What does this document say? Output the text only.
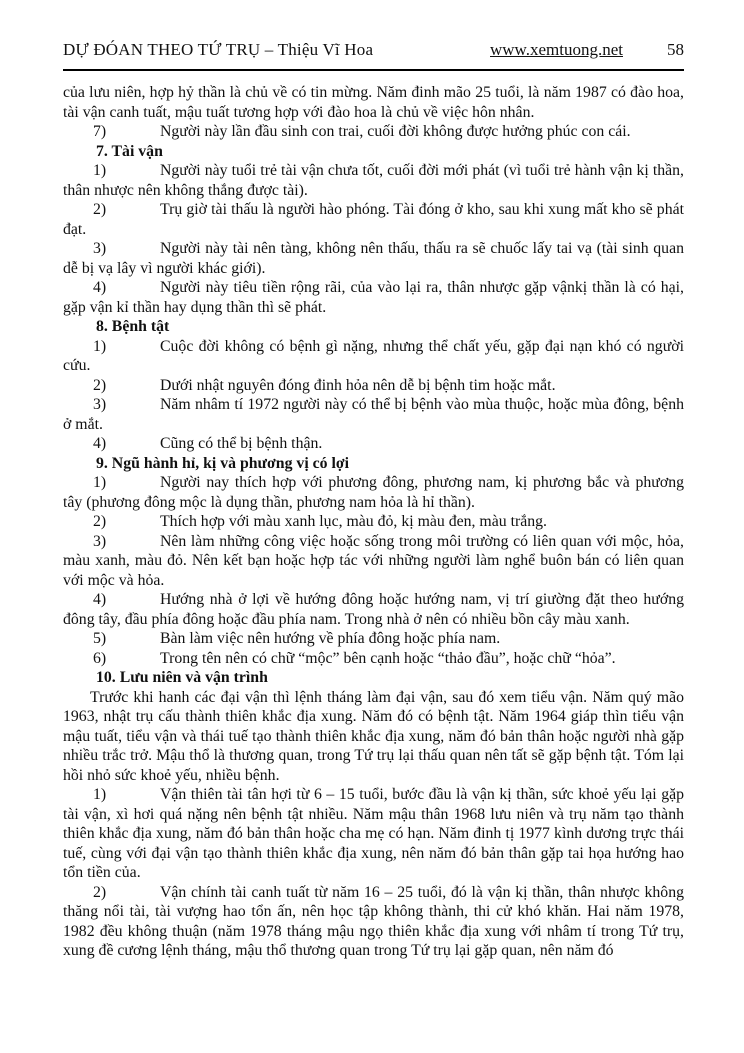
DỰ ĐÓAN THEO TỨ TRỤ – Thiệu Vĩ Hoa	www.xemtuong.net	58

của lưu niên, hợp hỷ thần là chủ về có tin mừng. Năm đinh mão 25 tuổi, là năm 1987 có đào hoa, tài vận canh tuất, mậu tuất tương hợp với đào hoa là chủ về việc hôn nhân.

7)	Người này lần đầu sinh con trai, cuối đời không được hưởng phúc con cái.

7. Tài vận

1)	Người này tuổi trẻ tài vận chưa tốt, cuối đời mới phát (vì tuổi trẻ hành vận kị thần, thân nhược nên không thắng được tài).

2)	Trụ giờ tài thấu là người hào phóng. Tài đóng ở kho, sau khi xung mất kho sẽ phát đạt.

3)	Người này tài nên tàng, không nên thấu, thấu ra sẽ chuốc lấy tai vạ (tài sinh quan dễ bị vạ lây vì người khác giới).

4)	Người này tiêu tiền rộng rãi, của vào lại ra, thân nhược gặp vậnkị thần là có hại, gặp vận kỉ thần hay dụng thần thì sẽ phát.

8. Bệnh tật

1)	Cuộc đời không có bệnh gì nặng, nhưng thể chất yếu, gặp đại nạn khó có người cứu.

2)	Dưới nhật nguyên đóng đinh hỏa nên dễ bị bệnh tim hoặc mắt.

3)	Năm nhâm tí 1972 người này có thể bị bệnh vào mùa thuộc, hoặc mùa đông, bệnh ở mắt.

4)	Cũng có thể bị bệnh thận.

9. Ngũ hành hỉ, kị và phương vị có lợi

1)	Người nay thích hợp với phương đông, phương nam, kị phương bắc và phương tây (phương đông mộc là dụng thần, phương nam hỏa là hỉ thần).

2)	Thích hợp với màu xanh lục, màu đỏ, kị màu đen, màu trắng.

3)	Nên làm những công việc hoặc sống trong môi trường có liên quan với mộc, hỏa, màu xanh, màu đỏ. Nên kết bạn hoặc hợp tác với những người làm nghể buôn bán có liên quan với mộc và hỏa.

4)	Hướng nhà ở lợi về hướng đông hoặc hướng nam, vị trí giường đặt theo hướng đông tây, đầu phía đông hoặc đầu phía nam. Trong nhà ở nên có nhiều bồn cây màu xanh.

5)	Bàn làm việc nên hướng về phía đông hoặc phía nam.

6)	Trong tên nên có chữ “mộc” bên cạnh hoặc “thảo đầu”, hoặc chữ “hỏa”.

10. Lưu niên và vận trình

Trước khi hanh các đại vận thì lệnh tháng làm đại vận, sau đó xem tiểu vận. Năm quý mão 1963, nhật trụ cấu thành thiên khắc địa xung. Năm đó có bệnh tật. Năm 1964 giáp thìn tiểu vận mậu tuất, tiểu vận và thái tuế tạo thành thiên khắc địa xung, năm đó bản thân hoặc người nhà gặp nhiều trắc trở. Mậu thổ là thương quan, trong Tứ trụ lại thấu quan nên tất sẽ gặp bệnh tật. Tóm lại hồi nhỏ sức khoẻ yếu, nhiều bệnh.

1)	Vận thiên tài tân hợi từ 6 – 15 tuổi, bước đầu là vận kị thần, sức khoẻ yếu lại gặp tài vận, xì hơi quá nặng nên bệnh tật nhiều. Năm mậu thân 1968 lưu niên và trụ năm tạo thành thiên khắc địa xung, năm đó bản thân hoặc cha mẹ có hạn. Năm đinh tị 1977 kình dương trực thái tuế, cùng với đại vận tạo thành thiên khắc địa xung, nên năm đó bản thân gặp tai họa hướng hao tổn tiền của.

2)	Vận chính tài canh tuất từ năm 16 – 25 tuổi, đó là vận kị thần, thân nhược không thăng nổi tài, tài vượng hao tổn ấn, nên học tập không thành, thi cử khó khăn. Hai năm 1978, 1982 đều không thuận (năm 1978 tháng mậu ngọ thiên khắc địa xung với nhâm tí trong Tứ trụ, xung đề cương lệnh tháng, mậu thổ thương quan trong Tứ trụ lại gặp quan, nên năm đó
